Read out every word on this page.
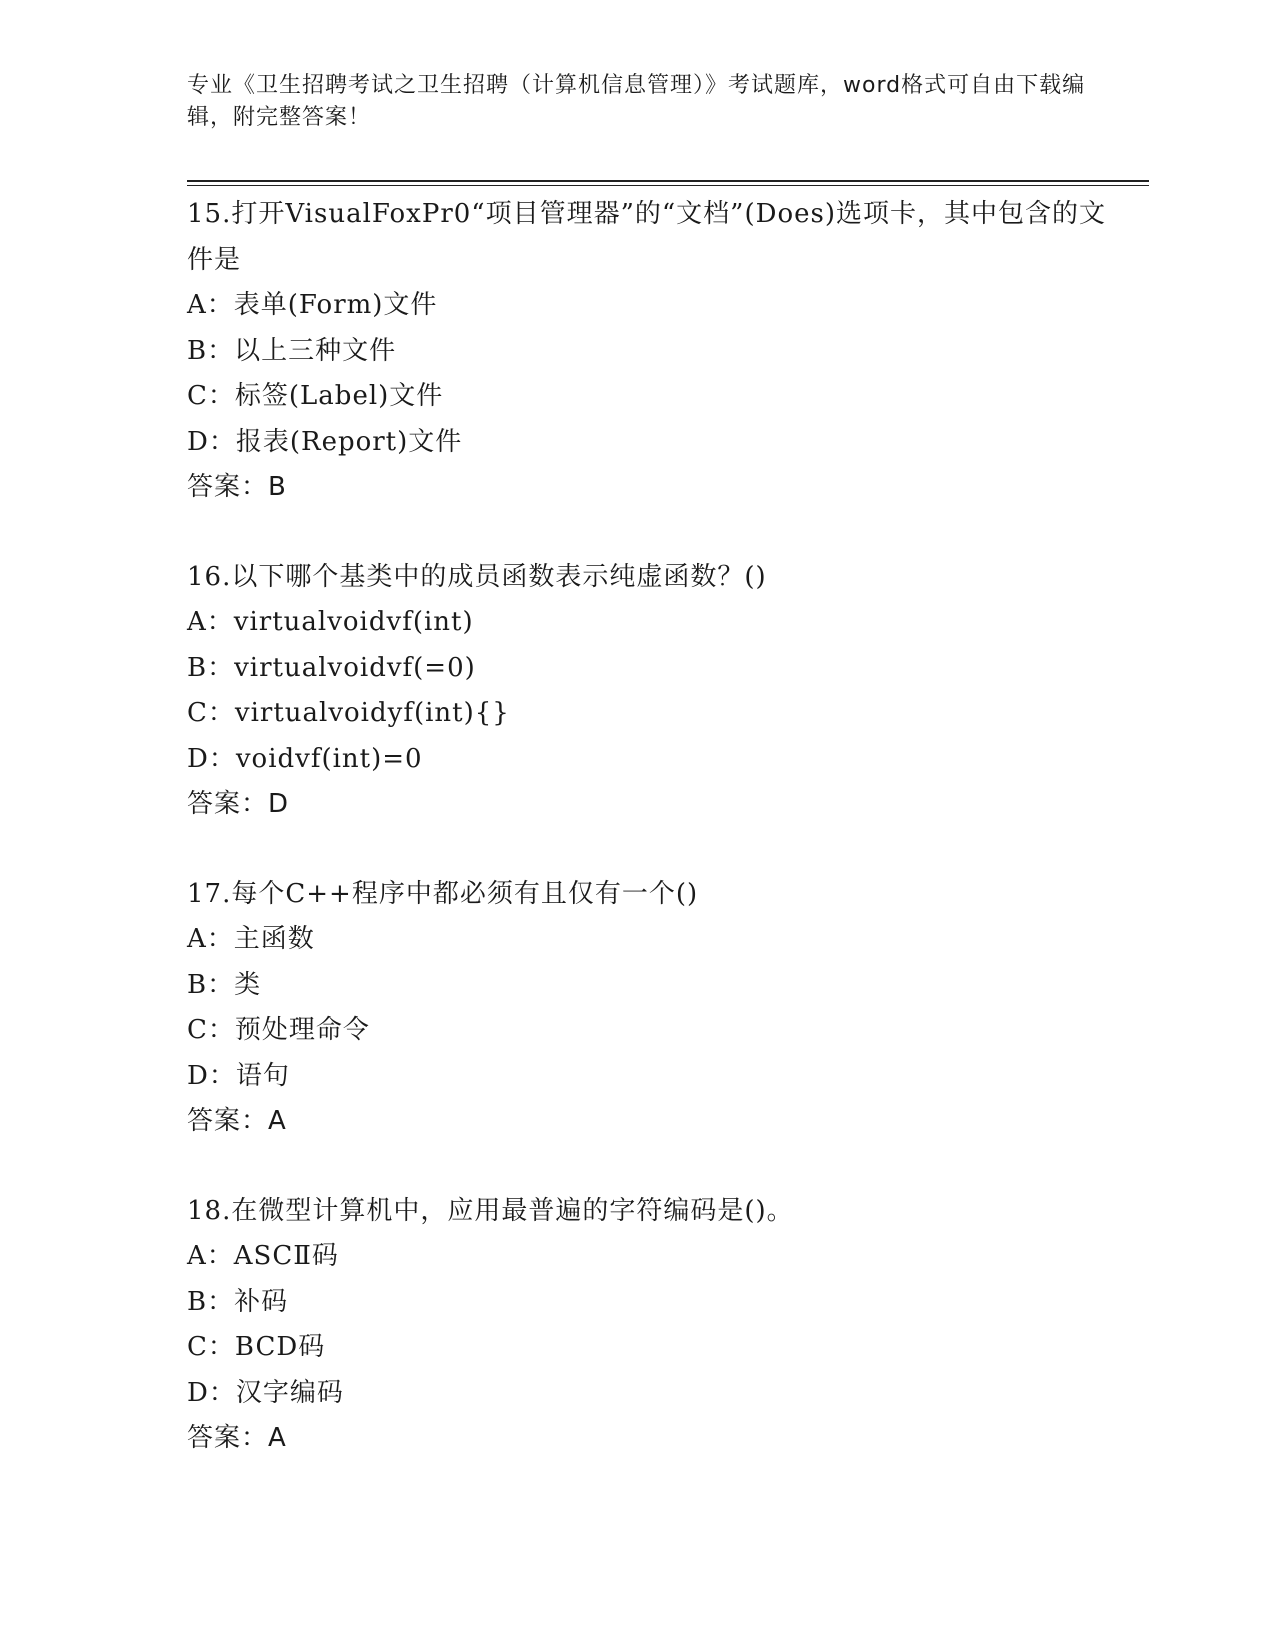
专业《卫生招聘考试之卫生招聘（计算机信息管理）》考试题库，word格式可自由下载编辑，附完整答案！
15.打开VisualFoxPr0“项目管理器”的“文档”(Does)选项卡，其中包含的文件是
A：表单(Form)文件
B：以上三种文件
C：标签(Label)文件
D：报表(Report)文件
答案：B
16.以下哪个基类中的成员函数表示纯虚函数？()
A：virtualvoidvf(int)
B：virtualvoidvf(=0)
C：virtualvoidyf(int){}
D：voidvf(int)=0
答案：D
17.每个C++程序中都必须有且仅有一个()
A：主函数
B：类
C：预处理命令
D：语句
答案：A
18.在微型计算机中，应用最普遍的字符编码是()。
A：ASCⅡ码
B：补码
C：BCD码
D：汉字编码
答案：A
